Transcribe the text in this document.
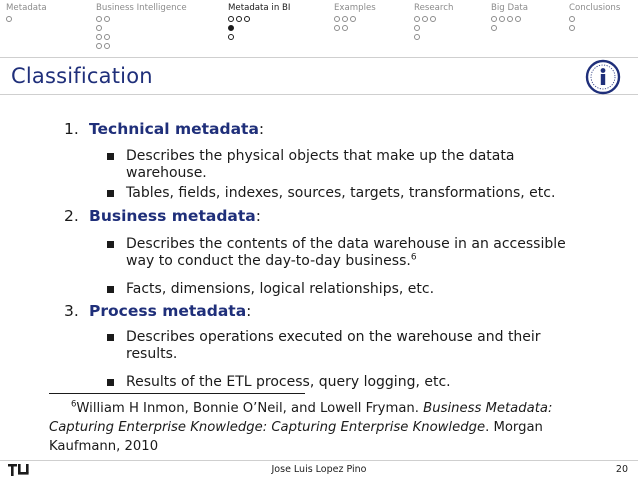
Metadata	Business Intelligence	Metadata in BI	Examples	Research	Big Data	Conclusions
Classification
1. Technical metadata:
Describes the physical objects that make up the datata
warehouse.
Tables, fields, indexes, sources, targets, transformations, etc.
2. Business metadata:
Describes the contents of the data warehouse in an accessible
way to conduct the day-to-day business.$^6$
Facts, dimensions, logical relationships, etc.
3. Process metadata:
Describes operations executed on the warehouse and their
results.
Results of the ETL process, query logging, etc.
$^6$William H Inmon, Bonnie O’Neil, and Lowell Fryman. Business Metadata: Capturing Enterprise Knowledge: Capturing Enterprise Knowledge. Morgan Kaufmann, 2010
Jose Luis Lopez Pino	20
